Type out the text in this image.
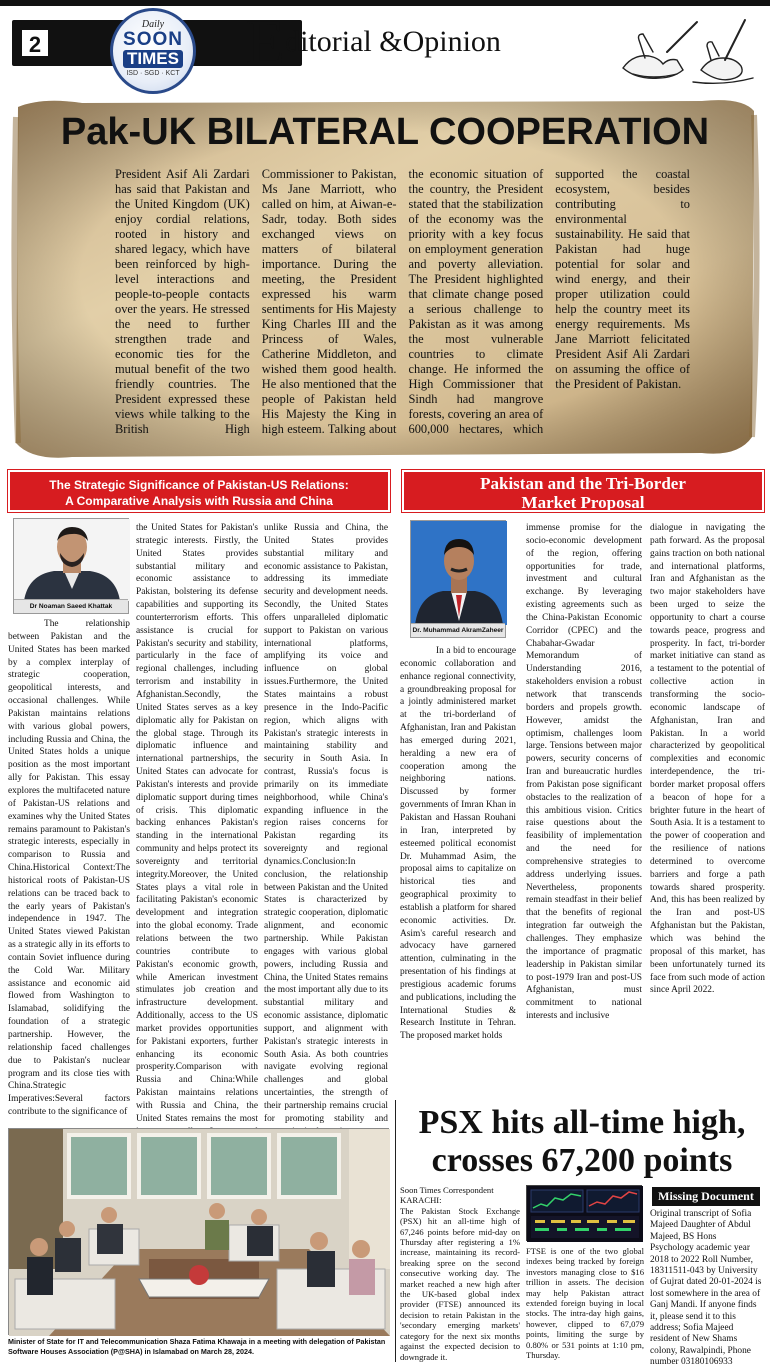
2
Daily
SOON
TIMES
ISD · SGD · KCT Editorial &Opinion
Pak-UK BILATERAL COOPERATION
President Asif Ali Zardari has said that Pakistan and the United Kingdom (UK) enjoy cordial relations, rooted in history and shared legacy, which have been reinforced by high-level interactions and people-to-people contacts over the years. He stressed the need to further strengthen trade and economic ties for the mutual benefit of the two friendly countries. The President expressed these views while talking to the British High Commissioner to Pakistan, Ms Jane Marriott, who called on him, at Aiwan-e-Sadr, today. Both sides exchanged views on matters of bilateral importance. During the meeting, the President expressed his warm sentiments for His Majesty King Charles III and the Princess of Wales, Catherine Middleton, and wished them good health. He also mentioned that the people of Pakistan held His Majesty the King in high esteem. Talking about the economic situation of the country, the President stated that the stabilization of the economy was the priority with a key focus on employment generation and poverty alleviation. The President highlighted that climate change posed a serious challenge to Pakistan as it was among the most vulnerable countries to climate change. He informed the High Commissioner that Sindh had mangrove forests, covering an area of 600,000 hectares, which supported the coastal ecosystem, besides contributing to environmental sustainability. He said that Pakistan had huge potential for solar and wind energy, and their proper utilization could help the country meet its energy requirements. Ms Jane Marriott felicitated President Asif Ali Zardari on assuming the office of the President of Pakistan.
The Strategic Significance of Pakistan-US Relations:
A Comparative Analysis with Russia and China
Dr Noaman Saeed Khattak

The relationship between Pakistan and the United States has been marked by a complex interplay of strategic cooperation, geopolitical interests, and occasional challenges. While Pakistan maintains relations with various global powers, including Russia and China, the United States holds a unique position as the most important ally for Pakistan. This essay explores the multifaceted nature of Pakistan-US relations and examines why the United States remains paramount to Pakistan's strategic interests, especially in comparison to Russia and China.Historical Context:The historical roots of Pakistan-US relations can be traced back to the early years of Pakistan's independence in 1947. The United States viewed Pakistan as a strategic ally in its efforts to contain Soviet influence during the Cold War. Military assistance and economic aid flowed from Washington to Islamabad, solidifying the foundation of a strategic partnership. However, the relationship faced challenges due to Pakistan's nuclear program and its close ties with China.Strategic Imperatives:Several factors contribute to the significance of

the United States for Pakistan's strategic interests. Firstly, the United States provides substantial military and economic assistance to Pakistan, bolstering its defense capabilities and supporting its counterterrorism efforts. This assistance is crucial for Pakistan's security and stability, particularly in the face of regional challenges, including terrorism and instability in Afghanistan.Secondly, the United States serves as a key diplomatic ally for Pakistan on the global stage. Through its diplomatic influence and international partnerships, the United States can advocate for Pakistan's interests and provide diplomatic support during times of crisis. This diplomatic backing enhances Pakistan's standing in the international community and helps protect its sovereignty and territorial integrity.Moreover, the United States plays a vital role in facilitating Pakistan's economic development and integration into the global economy. Trade relations between the two countries contribute to Pakistan's economic growth, while American investment stimulates job creation and infrastructure development. Additionally, access to the US market provides opportunities for Pakistani exporters, further enhancing its economic prosperity.Comparison with Russia and China:While Pakistan maintains relations with Russia and China, the United States remains the most

unlike Russia and China, the United States provides substantial military and economic assistance to Pakistan, addressing its immediate security and development needs. Secondly, the United States offers unparalleled diplomatic support to Pakistan on various international platforms, amplifying its voice and influence on global issues.Furthermore, the United States maintains a robust presence in the Indo-Pacific region, which aligns with Pakistan's strategic interests in maintaining stability and security in South Asia. In contrast, Russia's focus is primarily on its immediate neighborhood, while China's expanding influence in the region raises concerns for Pakistan regarding its sovereignty and regional dynamics.Conclusion:In conclusion, the relationship between Pakistan and the United States is characterized by strategic cooperation, diplomatic alignment, and economic partnership. While Pakistan engages with various global powers, including Russia and China, the United States remains the most important ally due to its substantial military and economic assistance, diplomatic support, and alignment with Pakistan's strategic interests in South Asia. As both countries navigate evolving regional challenges and global uncertainties, the strength of their partnership remains crucial for promoting stability and

Pakistan and the Tri-Border
Market Proposal
Dr. Muhammad AkramZaheer

In a bid to encourage economic collaboration and enhance regional connectivity, a groundbreaking proposal for a jointly administered market at the tri-borderland of Afghanistan, Iran and Pakistan has emerged during 2021, heralding a new era of cooperation among the neighboring nations. Discussed by former governments of Imran Khan in Pakistan and Hassan Rouhani in Iran, interpreted by esteemed political economist Dr. Muhammad Asim, the proposal aims to capitalize on historical ties and geographical proximity to establish a platform for shared economic activities. Dr. Asim's careful research and advocacy have garnered attention, culminating in the presentation of his findings at prestigious academic forums and publications, including the International Studies & Research Institute in Tehran. The proposed market holds

immense promise for the socio-economic development of the region, offering opportunities for trade, investment and cultural exchange. By leveraging existing agreements such as the China-Pakistan Economic Corridor (CPEC) and the Chabahar-Gwadar Memorandum of Understanding 2016, stakeholders envision a robust network that transcends borders and propels growth. However, amidst the optimism, challenges loom large. Tensions between major powers, security concerns of Iran and bureaucratic hurdles from Pakistan pose significant obstacles to the realization of this ambitious vision. Critics raise questions about the feasibility of implementation and the need for comprehensive strategies to address underlying issues. Nevertheless, proponents remain steadfast in their belief that the benefits of regional integration far outweigh the challenges. They emphasize the importance of pragmatic leadership in Pakistan similar to post-1979 Iran and post-US Afghanistan, must commitment to national interests and inclusive

dialogue in navigating the path forward. As the proposal gains traction on both national and international platforms, Iran and Afghanistan as the two major stakeholders have been urged to seize the opportunity to chart a course towards peace, progress and prosperity. In fact, tri-border market initiative can stand as a testament to the potential of collective action in transforming the socio-economic landscape of Afghanistan, Iran and Pakistan. In a world characterized by geopolitical complexities and economic interdependence, the tri-border market proposal offers a beacon of hope for a brighter future in the heart of South Asia. It is a testament to the power of cooperation and the resilience of nations determined to overcome barriers and forge a path towards shared prosperity. And, this has been realized by the Iran and post-US Afghanistan but the Pakistan, which was behind the proposal of this market, has been unfortunately turned its face from such mode of action since April 2022.

Minister of State for IT and Telecommunication Shaza Fatima Khawaja in a meeting with delegation of Pakistan Software Houses Association (P@SHA) in Islamabad on March 28, 2024.
PSX hits all-time high,
crosses 67,200 points
Soon Times Correspondent
KARACHI:

The Pakistan Stock Exchange (PSX) hit an all-time high of 67,246 points before mid-day on Thursday after registering a 1% increase, maintaining its record-breaking spree on the second consecutive working day. The market reached a new high after the UK-based global index provider (FTSE) announced its decision to retain Pakistan in the 'secondary emerging markets' category for the next six months against the expected decision to downgrade it.

FTSE is one of the two global indexes being tracked by foreign investors managing close to $16 trillion in assets. The decision may help Pakistan attract extended foreign buying in local stocks. The intra-day high gains, however, clipped to 67,079 points, limiting the surge by 0.80% or 531 points at 1:10 pm, Thursday.

Missing Document
Original transcript of Sofia Majeed Daughter of Abdul Majeed, BS Hons Psychology academic year 2018 to 2022 Roll Number, 18311511-043 by University of Gujrat dated 20-01-2024 is lost somewhere in the area of Ganj Mandi. If anyone finds it, please send it to this address; Sofia Majeed resident of New Shams colony, Rawalpindi, Phone number 03180106933
